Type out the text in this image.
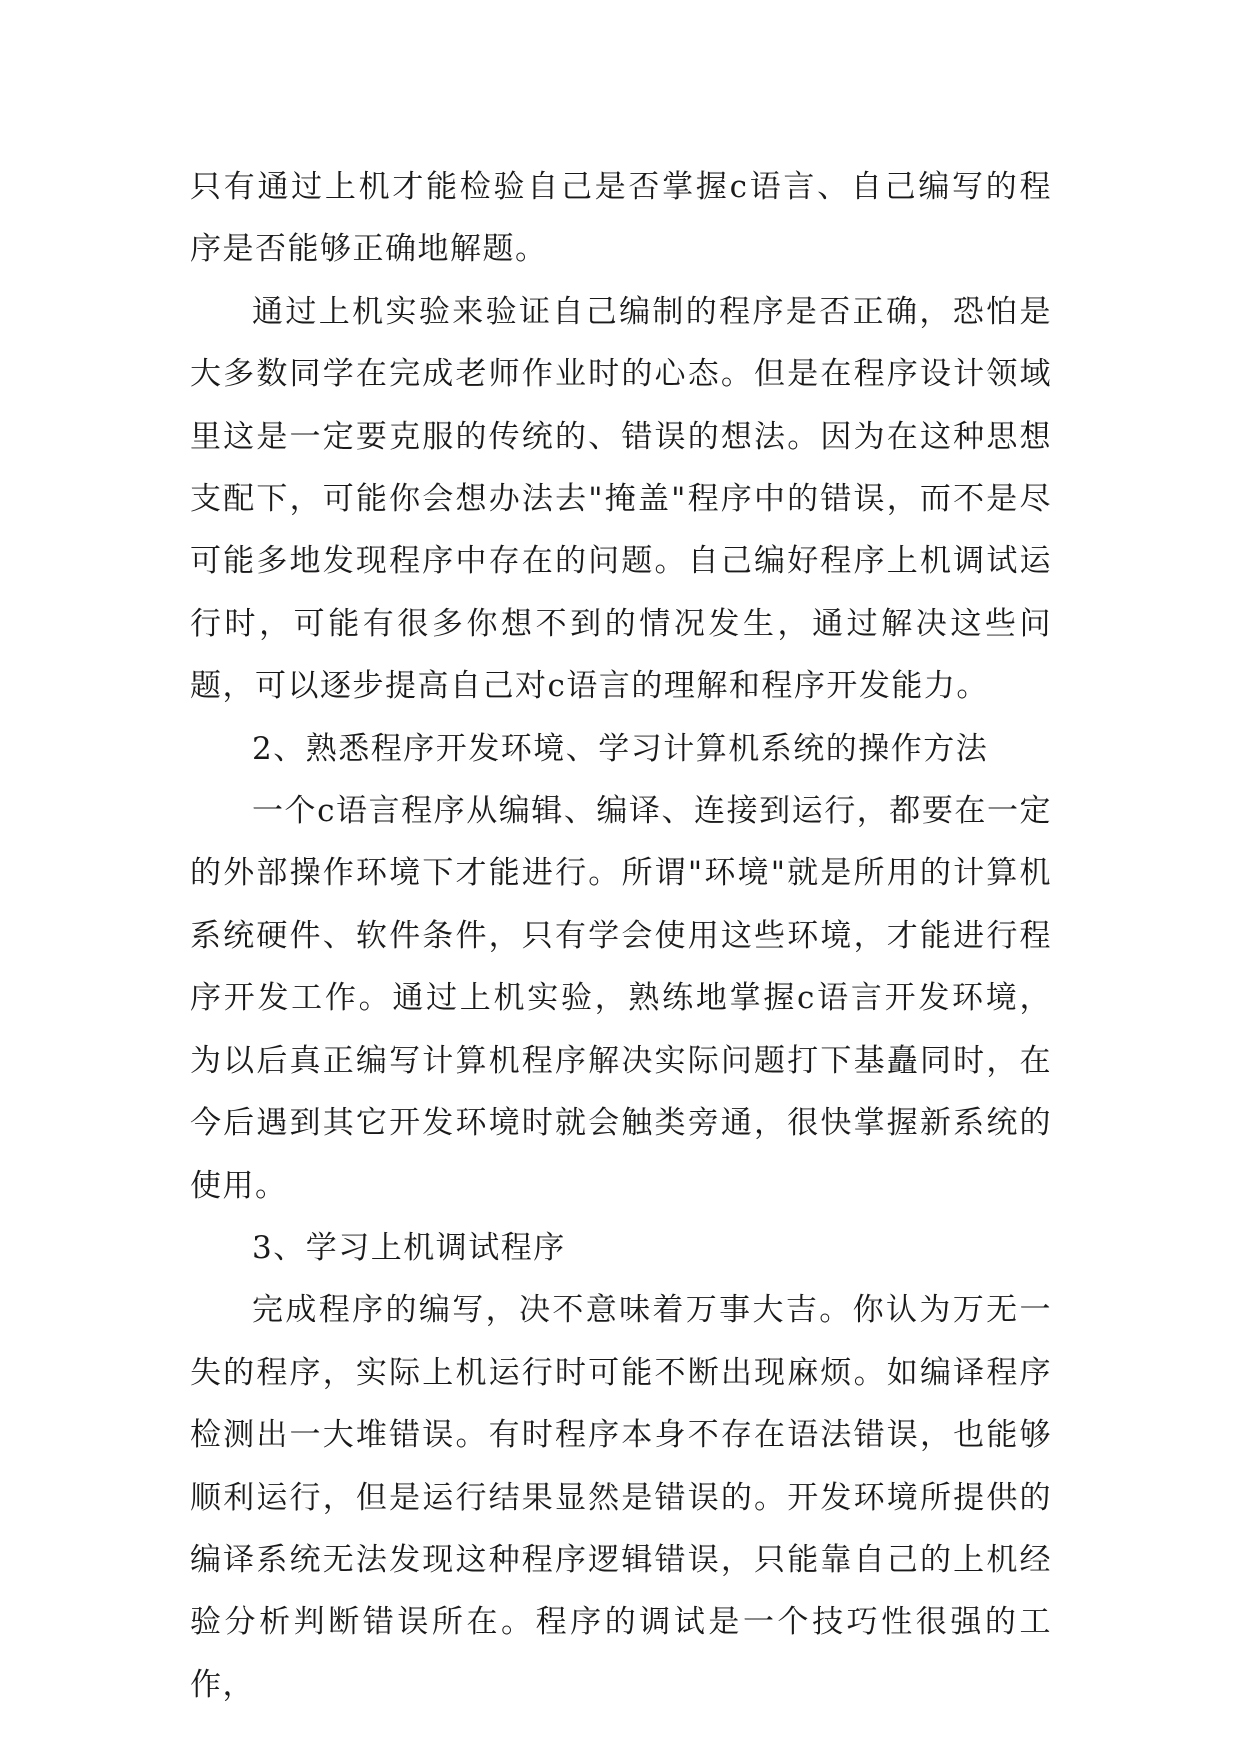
只有通过上机才能检验自己是否掌握c语言、自己编写的程序是否能够正确地解题。

通过上机实验来验证自己编制的程序是否正确，恐怕是大多数同学在完成老师作业时的心态。但是在程序设计领域里这是一定要克服的传统的、错误的想法。因为在这种思想支配下，可能你会想办法去"掩盖"程序中的错误，而不是尽可能多地发现程序中存在的问题。自己编好程序上机调试运行时，可能有很多你想不到的情况发生，通过解决这些问题，可以逐步提高自己对c语言的理解和程序开发能力。

2、熟悉程序开发环境、学习计算机系统的操作方法

一个c语言程序从编辑、编译、连接到运行，都要在一定的外部操作环境下才能进行。所谓"环境"就是所用的计算机系统硬件、软件条件，只有学会使用这些环境，才能进行程序开发工作。通过上机实验，熟练地掌握c语言开发环境，为以后真正编写计算机程序解决实际问题打下基矗同时，在今后遇到其它开发环境时就会触类旁通，很快掌握新系统的使用。

3、学习上机调试程序

完成程序的编写，决不意味着万事大吉。你认为万无一失的程序，实际上机运行时可能不断出现麻烦。如编译程序检测出一大堆错误。有时程序本身不存在语法错误，也能够顺利运行，但是运行结果显然是错误的。开发环境所提供的编译系统无法发现这种程序逻辑错误，只能靠自己的上机经验分析判断错误所在。程序的调试是一个技巧性很强的工作，
